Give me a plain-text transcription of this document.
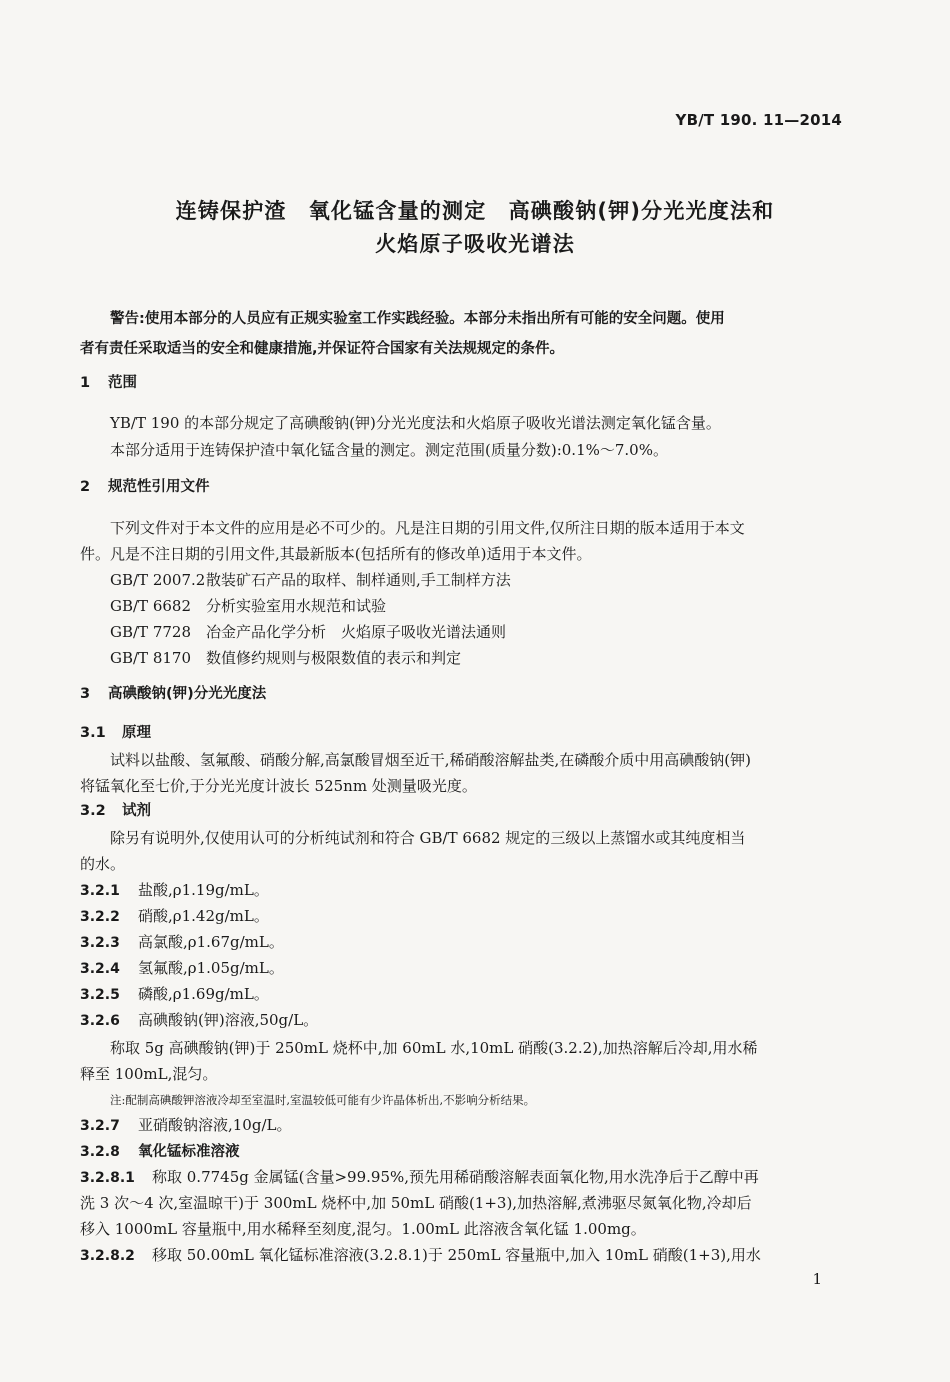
YB/T 190. 11—2014
连铸保护渣　氧化锰含量的测定　高碘酸钠(钾)分光光度法和
火焰原子吸收光谱法
警告:使用本部分的人员应有正规实验室工作实践经验。本部分未指出所有可能的安全问题。使用
者有责任采取适当的安全和健康措施,并保证符合国家有关法规规定的条件。
1 范围
YB/T 190 的本部分规定了高碘酸钠(钾)分光光度法和火焰原子吸收光谱法测定氧化锰含量。
本部分适用于连铸保护渣中氧化锰含量的测定。测定范围(质量分数):0.1%～7.0%。
2 规范性引用文件
下列文件对于本文件的应用是必不可少的。凡是注日期的引用文件,仅所注日期的版本适用于本文
件。凡是不注日期的引用文件,其最新版本(包括所有的修改单)适用于本文件。
GB/T 2007.2散装矿石产品的取样、制样通则,手工制样方法
GB/T 6682 分析实验室用水规范和试验
GB/T 7728 冶金产品化学分析　火焰原子吸收光谱法通则
GB/T 8170 数值修约规则与极限数值的表示和判定
3 高碘酸钠(钾)分光光度法
3.1 原理
试料以盐酸、氢氟酸、硝酸分解,高氯酸冒烟至近干,稀硝酸溶解盐类,在磷酸介质中用高碘酸钠(钾)
将锰氧化至七价,于分光光度计波长 525nm 处测量吸光度。
3.2 试剂
除另有说明外,仅使用认可的分析纯试剂和符合 GB/T 6682 规定的三级以上蒸馏水或其纯度相当
的水。
3.2.1 盐酸,ρ1.19g/mL。
3.2.2 硝酸,ρ1.42g/mL。
3.2.3 高氯酸,ρ1.67g/mL。
3.2.4 氢氟酸,ρ1.05g/mL。
3.2.5 磷酸,ρ1.69g/mL。
3.2.6 高碘酸钠(钾)溶液,50g/L。
称取 5g 高碘酸钠(钾)于 250mL 烧杯中,加 60mL 水,10mL 硝酸(3.2.2),加热溶解后冷却,用水稀
释至 100mL,混匀。
注:配制高碘酸钾溶液冷却至室温时,室温较低可能有少许晶体析出,不影响分析结果。
3.2.7 亚硝酸钠溶液,10g/L。
3.2.8 氧化锰标准溶液
3.2.8.1 称取 0.7745g 金属锰(含量>99.95%,预先用稀硝酸溶解表面氧化物,用水洗净后于乙醇中再
洗 3 次～4 次,室温晾干)于 300mL 烧杯中,加 50mL 硝酸(1+3),加热溶解,煮沸驱尽氮氧化物,冷却后
移入 1000mL 容量瓶中,用水稀释至刻度,混匀。1.00mL 此溶液含氧化锰 1.00mg。
3.2.8.2 移取 50.00mL 氧化锰标准溶液(3.2.8.1)于 250mL 容量瓶中,加入 10mL 硝酸(1+3),用水
1
